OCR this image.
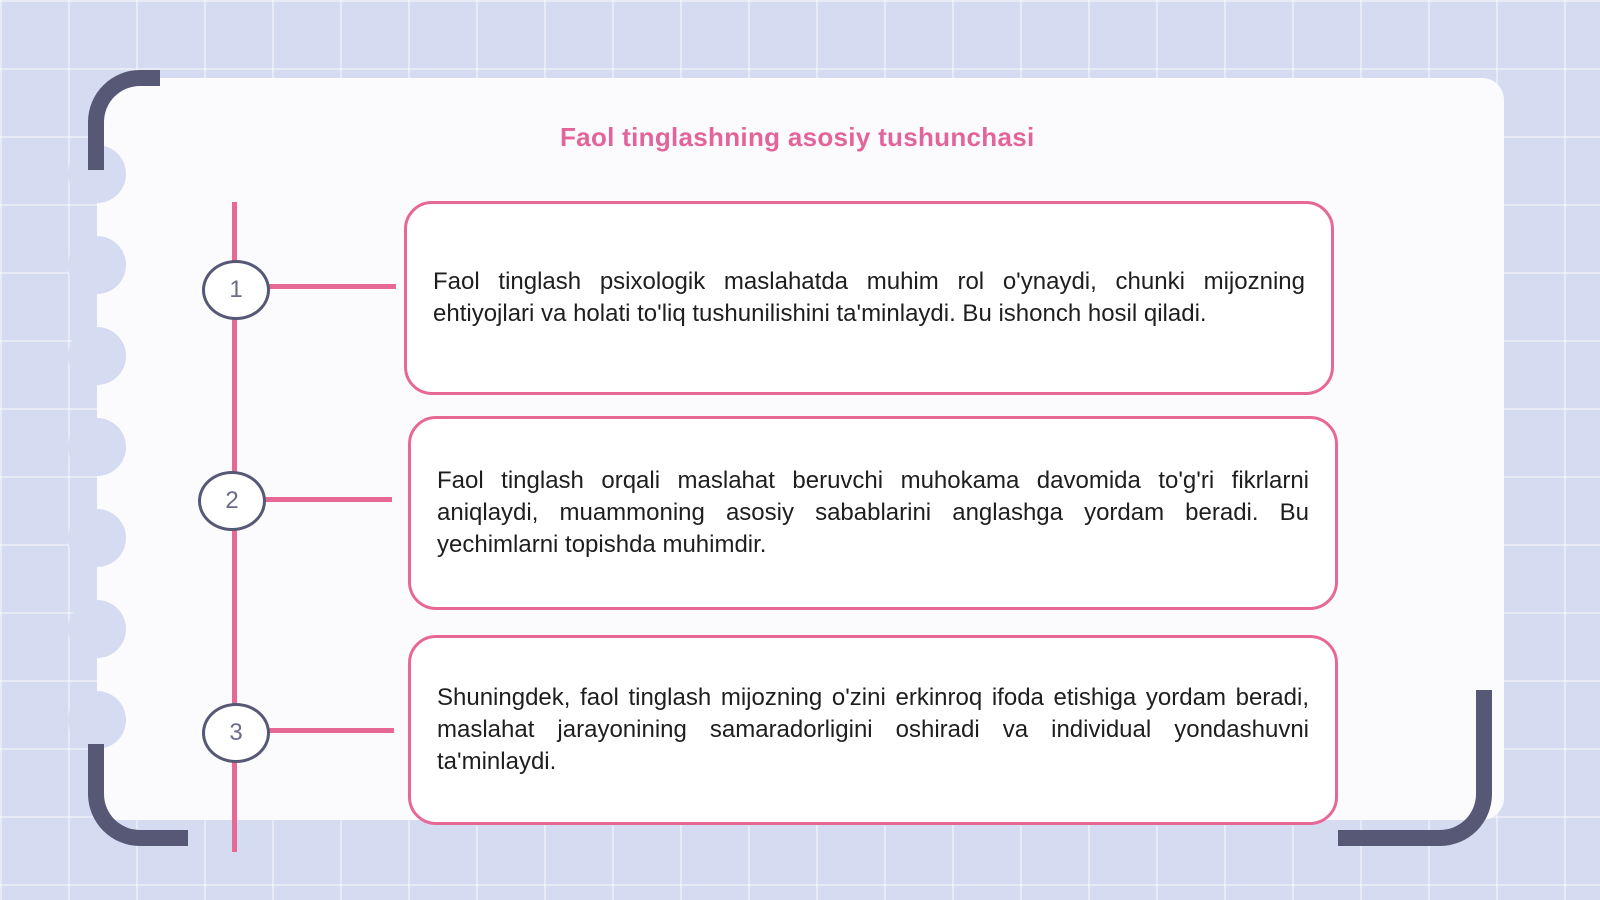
Faol tinglashning asosiy tushunchasi
1
2
3

Faol tinglash psixologik maslahatda muhim rol o'ynaydi, chunki mijozning ehtiyojlari va holati to'liq tushunilishini ta'minlaydi. Bu ishonch hosil qiladi.

Faol tinglash orqali maslahat beruvchi muhokama davomida to'g'ri fikrlarni aniqlaydi, muammoning asosiy sabablarini anglashga yordam beradi. Bu yechimlarni topishda muhimdir.

Shuningdek, faol tinglash mijozning o'zini erkinroq ifoda etishiga yordam beradi, maslahat jarayonining samaradorligini oshiradi va individual yondashuvni ta'minlaydi.
